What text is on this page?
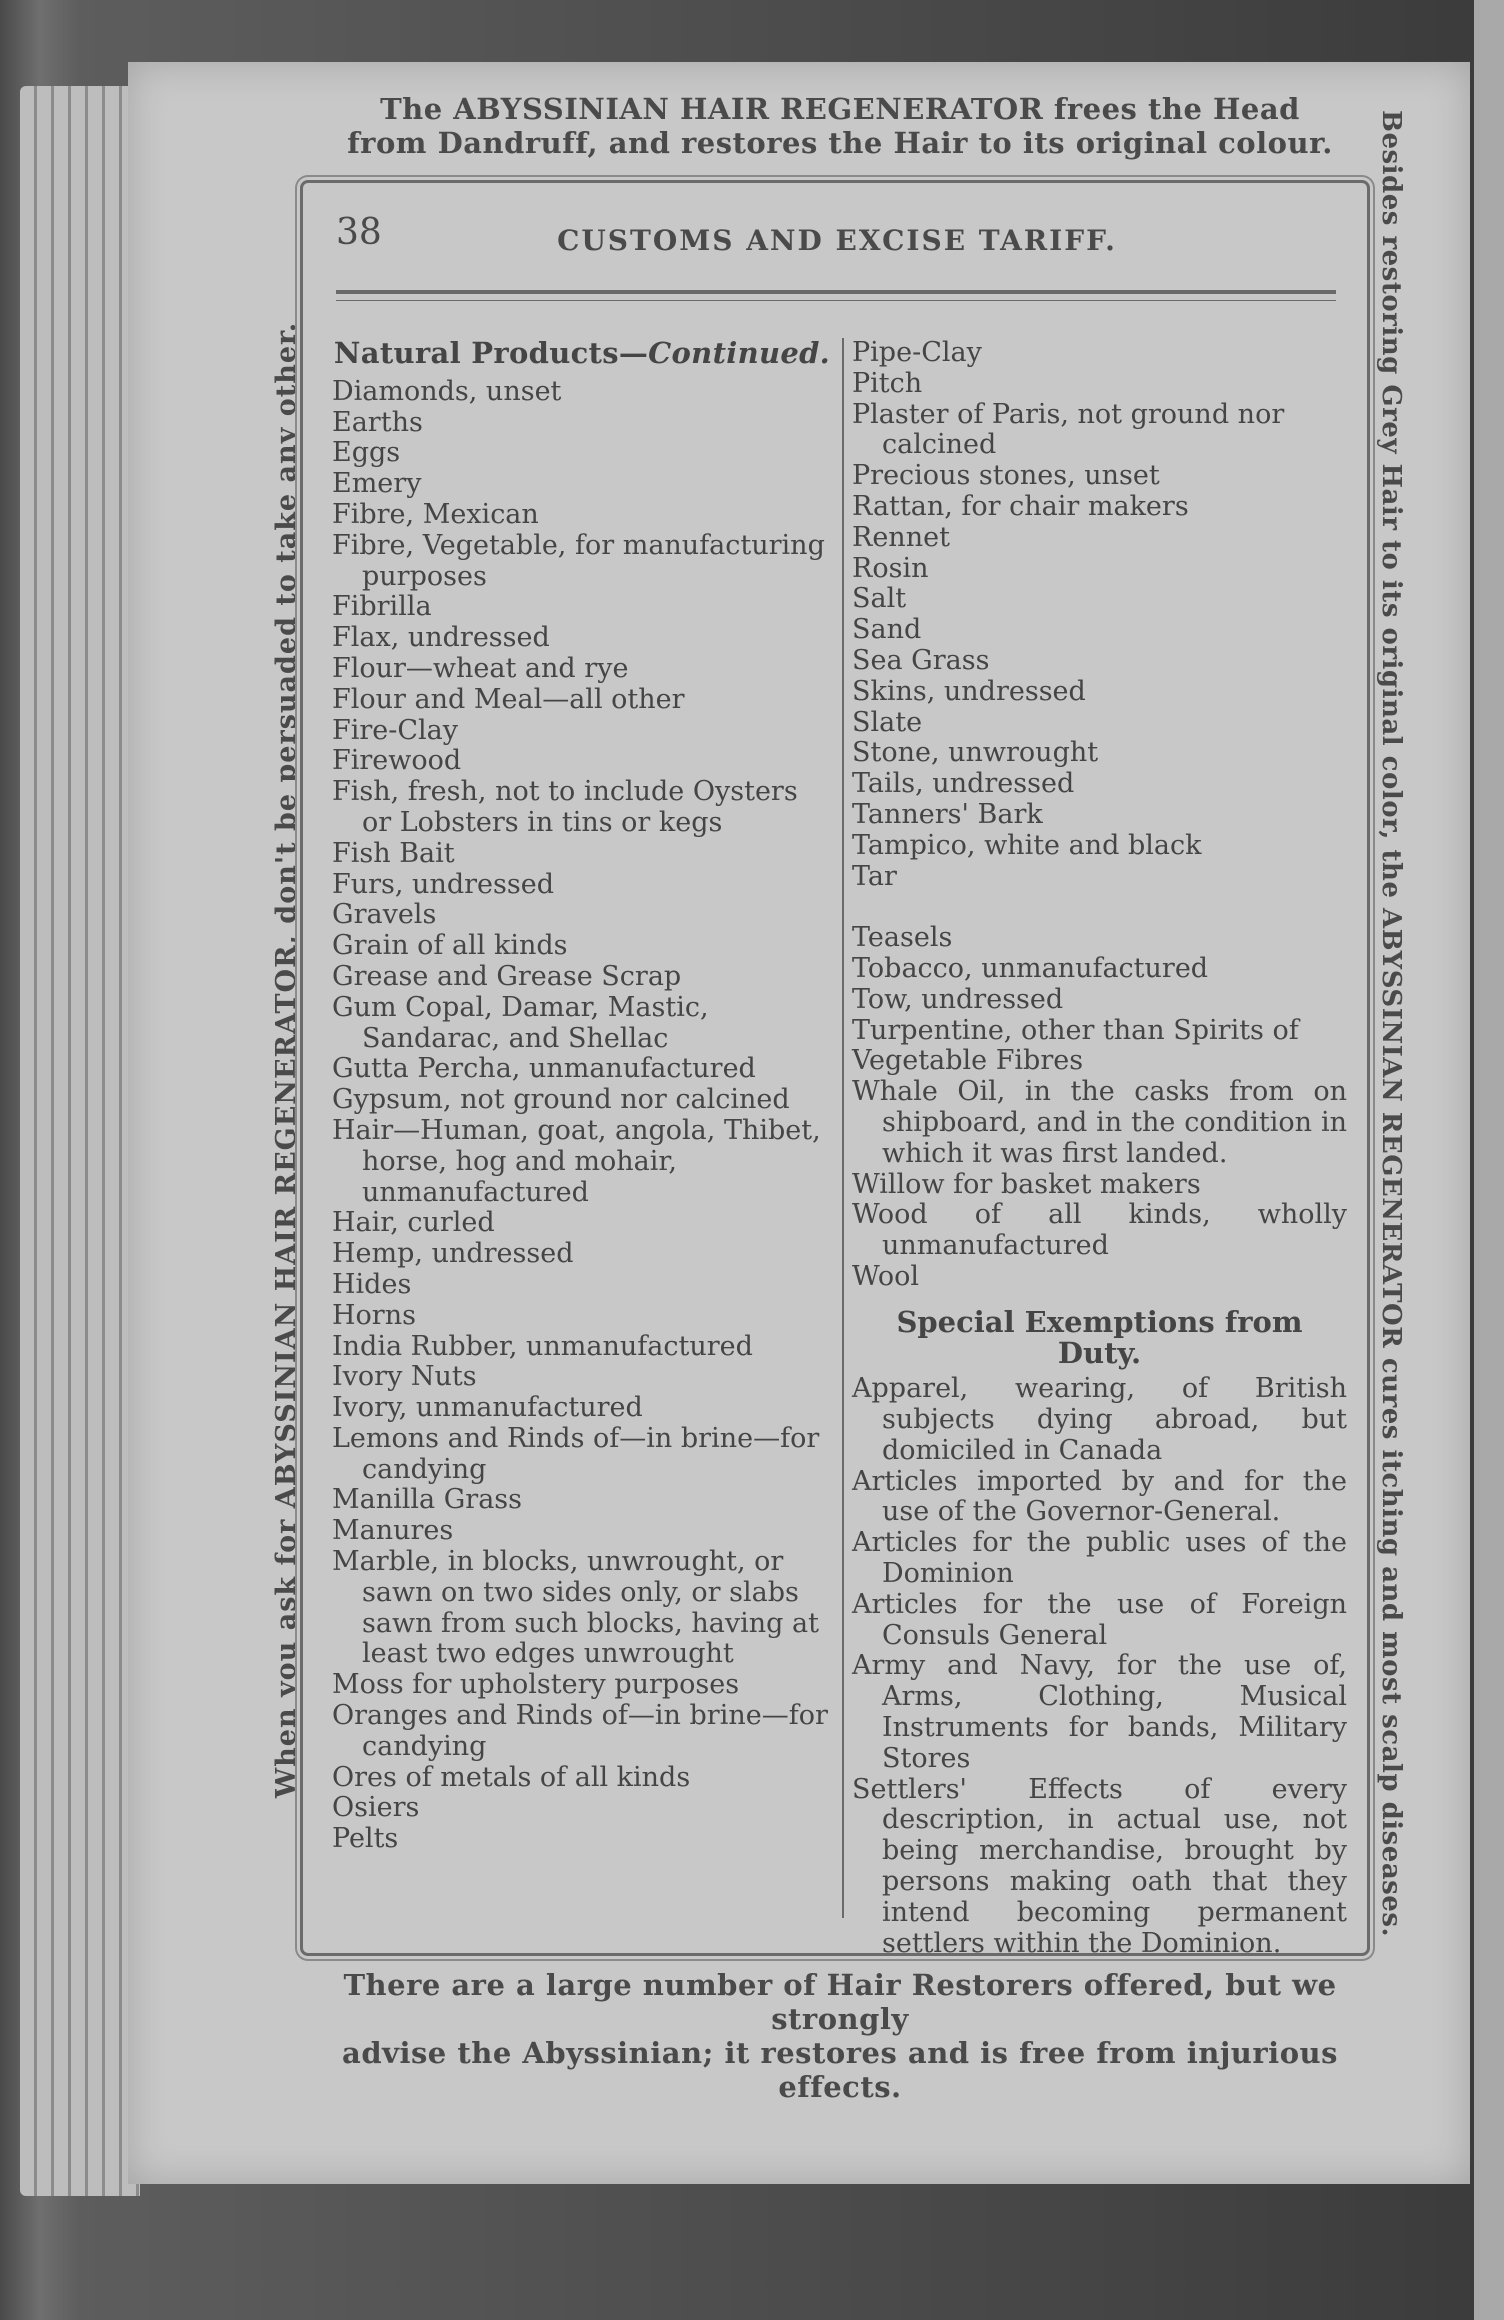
The ABYSSINIAN HAIR REGENERATOR frees the Head
from Dandruff, and restores the Hair to its original colour.
When you ask for ABYSSINIAN HAIR REGENERATOR, don't be persuaded to take any other.	Besides restoring Grey Hair to its original color, the ABYSSINIAN REGENERATOR cures itching and most scalp diseases.
38	CUSTOMS AND EXCISE TARIFF.
Natural Products—Continued.

Diamonds, unset

Earths

Eggs

Emery

Fibre, Mexican

Fibre, Vegetable, for manufacturing purposes

Fibrilla

Flax, undressed

Flour—wheat and rye

Flour and Meal—all other

Fire-Clay

Firewood

Fish, fresh, not to include Oysters or Lobsters in tins or kegs

Fish Bait

Furs, undressed

Gravels

Grain of all kinds

Grease and Grease Scrap

Gum Copal, Damar, Mastic, Sandarac, and Shellac

Gutta Percha, unmanufactured

Gypsum, not ground nor calcined

Hair—Human, goat, angola, Thibet, horse, hog and mohair, unmanufactured

Hair, curled

Hemp, undressed

Hides

Horns

India Rubber, unmanufactured

Ivory Nuts

Ivory, unmanufactured

Lemons and Rinds of—in brine—for candying

Manilla Grass

Manures

Marble, in blocks, unwrought, or sawn on two sides only, or slabs sawn from such blocks, having at least two edges unwrought

Moss for upholstery purposes

Oranges and Rinds of—in brine—for candying

Ores of metals of all kinds

Osiers

Pelts

Pipe-Clay

Pitch

Plaster of Paris, not ground nor calcined

Precious stones, unset

Rattan, for chair makers

Rennet

Rosin

Salt

Sand

Sea Grass

Skins, undressed

Slate

Stone, unwrought

Tails, undressed

Tanners' Bark

Tampico, white and black

Tar

Teasels

Tobacco, unmanufactured

Tow, undressed

Turpentine, other than Spirits of

Vegetable Fibres

Whale Oil, in the casks from on shipboard, and in the condition in which it was first landed.

Willow for basket makers

Wood of all kinds, wholly unmanufactured

Wool

Special Exemptions from Duty.

Apparel, wearing, of British subjects dying abroad, but domiciled in Canada

Articles imported by and for the use of the Governor-General.

Articles for the public uses of the Dominion

Articles for the use of Foreign Consuls General

Army and Navy, for the use of, Arms, Clothing, Musical Instruments for bands, Military Stores

Settlers' Effects of every description, in actual use, not being merchandise, brought by persons making oath that they intend becoming permanent settlers within the Dominion.

There are a large number of Hair Restorers offered, but we strongly
advise the Abyssinian; it restores and is free from injurious effects.
